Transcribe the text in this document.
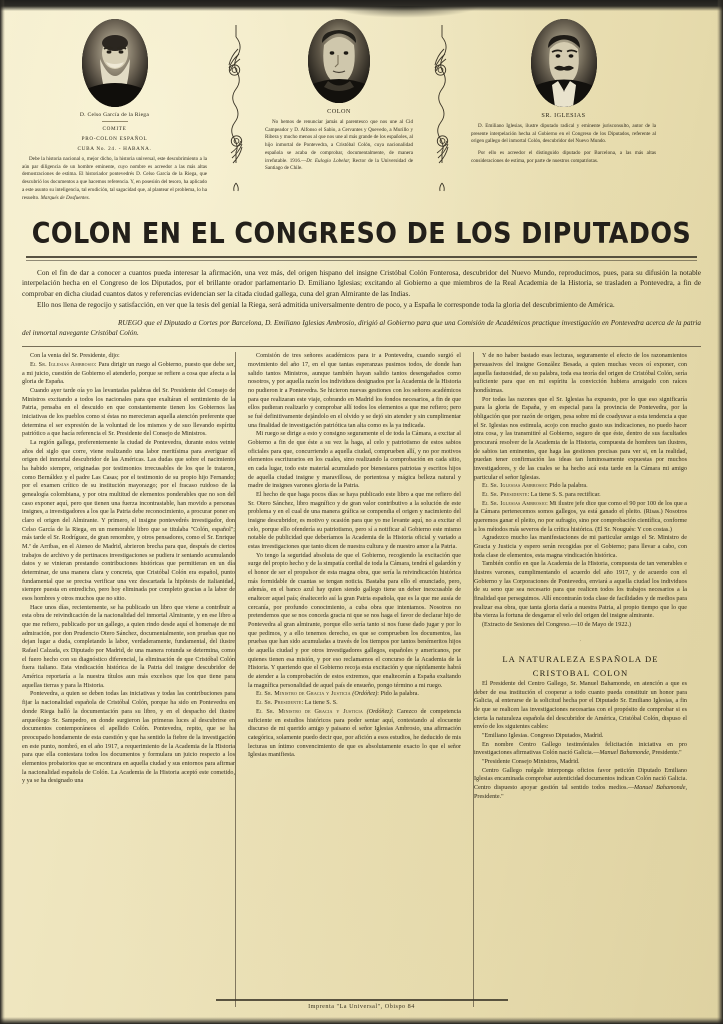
D. Celso García de la Riega
COMITE
PRO-COLON ESPAÑOL
CUBA No. 24. - HABANA.
Debe la historia nacional o, mejor dicho, la historia universal, este descubrimiento a la aún par diligencia de un hombre eminente, cuyo nombre es acreedor a las más altas demostraciones de estima. El historiador pontevedrés D. Celso García de la Riega, que descubrió los documentos a que hacemos referencia. Y, en posesión del tesoro, ha aplicado a este asunto su inteligencia, tal erudición, tal sagacidad que, al plantear el problema, lo ha resuelto. Marqués de Dosfuentes.
COLON
No hemos de renunciar jamás al parentesco que nos une al Cid Campeador y D. Alfonso el Sabio, a Cervantes y Quevedo, a Murillo y Ribera y mucho menos al que nos une al más grande de los españoles, al hijo inmortal de Pontevedra, a Cristóbal Colón, cuya nacionalidad española se acaba de comprobar, documentalmente, de manera irrefutable. 1916.—Dr. Eulogio Lobelar, Rector de la Universidad de Santiago de Chile.
SR. IGLESIAS
D. Emiliano Iglesias, ilustre diputado radical y eminente jurisconsulto, autor de la presente interpelación hecha al Gobierno en el Congreso de los Diputados, referente al origen gallego del inmortal Colón, descubridor del Nuevo Mundo.
Por ello es acreedor el distinguido diputado por Barcelona, a las más altas consideraciones de estima, por parte de nuestros compatriotas.
COLON EN EL CONGRESO DE LOS DIPUTADOS

Con el fin de dar a conocer a cuantos pueda interesar la afirmación, una vez más, del origen hispano del insigne Cristóbal Colón Fonterosa, descubridor del Nuevo Mundo, reproducimos, pues, para su difusión la notable interpelación hecha en el Congreso de los Diputados, por el brillante orador parlamentario D. Emiliano Iglesias; excitando al Gobierno a que miembros de la Real Academia de la Historia, se trasladen a Pontevedra, a fin de comprobar en dicha ciudad cuantos datos y referencias evidencian ser la citada ciudad gallega, cuna del gran Almirante de las Indias.

Ello nos llena de regocijo y satisfacción, en ver que la tesis del genial la Riega, será admitida universalmente dentro de poco, y a España le corresponde toda la gloria del descubrimiento de América.

RUEGO que el Diputado a Cortes por Barcelona, D. Emiliano Iglesias Ambrosio, dirigió al Gobierno para que una Comisión de Académicos practique investigación en Pontevedra acerca de la patria del inmortal navegante Cristóbal Colón.

Con la venia del Sr. Presidente, dijo:

El Sr. Iglesias Ambrosio: Para dirigir un ruego al Gobierno, puesto que debe ser, a mi juicio, cuestión de Gobierno el atenderlo, porque se refiere a cosa que afecta a la gloria de España.

Cuando ayer tarde oía yo las levantadas palabras del Sr. Presidente del Consejo de Ministros excitando a todos los nacionales para que exaltáran el sentimiento de la Patria, pensaba en el descuido en que constantemente tienen los Gobiernos las iniciativas de los pueblos como si éstas no merecieran aquella atención preferente que determina el ser expresión de la voluntad de los mismos y de suo llevando espíritu patriótico a que hacía referencia el Sr. Presidente del Consejo de Ministros.

La región gallega, preferentemente la ciudad de Pontevedra, durante estos veinte años del siglo que corre, viene realizando una labor meritísima para averiguar el origen del inmortal descubridor de las Américas. Las dudas que sobre el nacimiento ha habido siempre, originadas por testimonios irrecusables de los que le trataron, como Bernáldez y el padre Las Casas; por el testimonio de su propio hijo Fernando; por el examen crítico de su institución mayorazgo; por el fracaso ruidoso de la genealogía colombiana, y por otra multitud de elementos ponderables que no son del caso exponer aquí, pero que tienen una fuerza incontrastable, han movido a personas insignes, a investigadores a los que la Patria debe reconocimiento, a procurar poner en claro el origen del Almirante. Y primero, el insigne pontevedrés investigador, don Celso García de la Riega, en un memorable libro que se titulaba "Colón, español"; más tarde el Sr. Rodríguez, de gran renombre, y otros pensadores, como el Sr. Enrique M.ª de Arribas, en el Ateneo de Madrid, abrieron brecha para que, después de ciertos trabajos de archivo y de pertinaces investigaciones se pudiera ir sentando acumulando datos y se vinieran prestando contribuciones históricas que permitieran en un día determinar, de una manera clara y concreta, que Cristóbal Colón era español, punto fundamental que se precisa verificar una vez descartada la hipótesis de italianidad, siempre puesta en entredicho, pero hoy eliminada por completo gracias a la labor de esos hombres y otros muchos que no sitio.

Hace unos días, recientemente, se ha publicado un libro que viene a contribuir a esta obra de reivindicación de la nacionalidad del inmortal Almirante, y en ese libro a que me refiero, publicado por un gallego, a quien rindo desde aquí el homenaje de mi admiración, por don Prudencio Otero Sánchez, documentalmente, son pruebas que no dejan lugar a duda, completando la labor, verdaderamente, fundamental, del ilustre Rafael Calzada, ex Diputado por Madrid, de una manera rotunda se determina, como el fuero hecho con su diagnóstico diferencial, la eliminación de que Cristóbal Colón fuera italiano. Esta vindicación histórica de la Patria del insigne descubridor de América reportaría a la nuestra títulos aun más excelsos que los que tiene para aquellas tierras y para la Historia.

Pontevedra, a quien se deben todas las iniciativas y todas las contribuciones para fijar la nacionalidad española de Cristóbal Colón, porque ha sido en Pontevedra en donde Riega halló la documentación para su libro, y en el despacho del ilustre arqueólogo Sr. Sampedro, en donde surgieron las primeras luces al descubrirse en documentos contemporáneos el apellido Colón. Pontevedra, repito, que se ha preocupado hondamente de esta cuestión y que ha sentido la fiebre de la investigación en este punto, nombró, en el año 1917, a requerimiento de la Academia de la Historia para que ella contestara todos los documentos y formulara un juicio respecto a los elementos probatorios que se encontrara en aquella ciudad y sus entornos para afirmar la nacionalidad española de Colón. La Academia de la Historia aceptó este cometido, y ya se ha designado una

Comisión de tres señores académicos para ir a Pontevedra, cuando surgió el movimiento del año 17, en el que tantas esperanzas pusimos todos, de donde han salido tantos Ministros, aunque también hayan salido tantos desengañados como nosotros, y por aquella razón los individuos designados por la Academia de la Historia no pudieron ir a Pontevedra. Se hicieron nuevas gestiones con los señores académicos para que realizaran este viaje, cobrando en Madrid los fondos necesarios, a fin de que ellos pudieran realizarlo y comprobar allí todos los elementos a que me refiero; pero se fué definitivamente dejándolo en el olvido y se dejó sin atender y sin cumplimentar una finalidad de investigación patriótica tan alta como es la ya indicada.

Mi ruego se dirige a esto y consigno seguramente el de toda la Cámara, a excitar al Gobierno a fin de que éste a su vez la haga, al celo y patriotismo de estos sabios oficiales para que, concurriendo a aquella ciudad, comprueben allí, y no por motivos elementos escriturarios en los cuales, sino realizando la comprobación en cada sitio, en cada lugar, todo este material acumulado por bienestares patriotas y escritos hijos de aquella ciudad insigne y maravillosa, de portentosa y mágica belleza natural y madre de insignes varones gloria de la Patria.

El hecho de que haga pocos días se haya publicado este libro a que me refiero del Sr. Otero Sánchez, libro magnífico y de gran valor contributivo a la solución de este problema y en el cual de una manera gráfica se compendia el origen y nacimiento del insigne descubridor, es motivo y ocasión para que yo me levante aquí, no a excitar el celo, porque ello ofendería su patriotismo, pero sí a notificar al Gobierno este mismo notable de publicidad que deberíamos la Academia de la Historia oficial y variado a estas investigaciones que tanto dicen de nuestra cultura y de nuestro amor a la Patria.

Yo tengo la seguridad absoluta de que el Gobierno, recogiendo la excitación que surge del propio hecho y de la simpatía cordial de toda la Cámara, tendrá el galardón y el honor de ser el propulsor de esta magna obra, que sería la reivindicación histórica más formidable de cuantas se tengan noticia. Bastaba para ello el enunciado, pero, además, en el banco azul hay quien siendo gallego tiene un deber inexcusable de enaltecer aquel país; énaltecerlo así la gran Patria española, que es la que me ausía de cercanía, por profundo conocimiento, a cuba obra que intentamos. Nosotros no pretendemos que se nos conceda gracia ni que se nos haga el favor de declarar hijo de Pontevedra al gran almirante, porque ello sería tanto si nos fuese dado jugar y por lo que pedimos, y a ello tenemos derecho, es que se comprueben los documentos, las pruebas que han sido acumuladas a través de los tiempos por tantos benémeritos hijos de aquella ciudad y por otros investigadores gallegos, españoles y americanos, por quienes tienen esa misión, y por eso reclamamos el concurso de la Academia de la Historia. Y queriendo que el Gobierno recoja esta excitación y que rápidamente habrá de atender a la comprobación de estos extremos, que enaltecerán a España exaltando la magnífica personalidad de aquel país de ensueño, pongo término a mi ruego.

El Sr. Ministro de Gracia y Justicia (Ordóñez): Pido la palabra.

El Sr. Presidente: La tiene S. S.

El Sr. Ministro de Gracia y Justicia (Ordóñez): Carezco de competencia suficiente en estudios históricos para poder sentar aquí, contestando al elocuente discurso de mi querido amigo y paisano el señor Iglesias Ambrosio, una afirmación categórica, solamente puedo decir que, por afición a esos estudios, he deducido de mis lecturas un íntimo convencimiento de que es absolutamente exacto lo que el señor Iglesias manifiesta.

Y de no haber bastado esas lecturas, seguramente el efecto de los razonamientos persuasivos del insigne González Besada, a quien muchas veces oí exponer, con aquella fastuosidad, de su palabra, toda esa teoría del origen de Cristóbal Colón, sería suficiente para que en mi espíritu la convicción hubiera arraigado con raíces hondísimas.

Por todas las razones que el Sr. Iglesias ha expuesto, por lo que eso significaría para la gloria de España, y en especial para la provincia de Pontevedra, por la obligación que por razón de origen, pesa sobre mí de coadyuvar a esta tendencia a que el Sr. Iglesias nos estimula, acojo con mucho gusto sus indicaciones, no puedo hacer otra cosa, y las transmitiré al Gobierno, seguro de que éste, dentro de sus facultades procurará resolver de la Academia de la Historia, compuesta de hombres tan ilustres, de sabios tan eminentes, que haga las gestiones precisas para ver si, en la realidad, puedan tener confirmación las ideas tan luminosamente expuestas por muchos investigadores, y de las cuales se ha hecho acá esta tarde en la Cámara mi amigo particular el señor Iglesias.

El Sr. Iglesias Ambrosio: Pido la palabra.

El Sr. Presidente: La tiene S. S. para rectificar.

El Sr. Iglesias Ambrosio: Mi ilustre jefe dice que como el 90 por 100 de los que a la Cámara pertenecemos somos gallegos, ya está ganado el pleito. (Risas.) Nosotros queremos ganar el pleito, no por sufragio, sino por comprobación científica, conforme a los métodos más severos de la crítica histórica. (El Sr. Nouguès: Y con costas.)

Agradezco mucho las manifestaciones de mi particular amigo el Sr. Ministro de Gracia y Justicia y espero serán recogidas por el Gobierno; para llevar a cabo, con toda clase de elementos, esta magna vindicación histórica.

También confío en que la Academia de la Historia, compuesta de tan venerables e ilustres varones, cumplimentando el acuerdo del año 1917, y de acuerdo con el Gobierno y las Corporaciones de Pontevedra, enviará a aquella ciudad los individuos de su seno que sea necesario para que realicen todos los trabajos necesarios a la finalidad que perseguimos. Allí encontrarán toda clase de facilidades y de medios para realizar esa obra, que tanta gloria daría a nuestra Patria, al propio tiempo que lo que iba vierza la fortuna de desgarrar el velo del origen del insigne almirante.

(Extracto de Sesiones del Congreso.—10 de Mayo de 1922.)

.
LA NATURALEZA ESPAÑOLA DE
CRISTOBAL COLON

El Presidente del Centro Gallego, Sr. Manuel Bahamonde, en atención a que es deber de esa institución el cooperar a todo cuanto pueda constituir un honor para Galicia, al enterarse de la solicitud hecha por el Diputado Sr. Emiliano Iglesias, a fin de que se realicen las investigaciones necesarias con el propósito de comprobar si es cierta la naturaleza española del descubridor de América, Cristóbal Colón, dispuso el envío de los siguientes cables:

"Emiliano Iglesias. Congreso Diputados, Madrid.

En nombre Centro Gallego testimóniales felicitación iniciativa en pro investigaciones afirmativas Colón nació Galicia.—Manuel Bahamonde, Presidente."

"Presidente Consejo Ministros, Madrid.

Centro Gallego ruégale interponga oficios favor petición Diputado Emiliano Iglesias encaminada comprobar autenticidad documentos indican Colón nació Galicia. Centro dispuesto apoyar gestión tal sentido todos medios.—Manuel Bahamonde, Presidente."

Imprenta "La Universal", Obispo 84
